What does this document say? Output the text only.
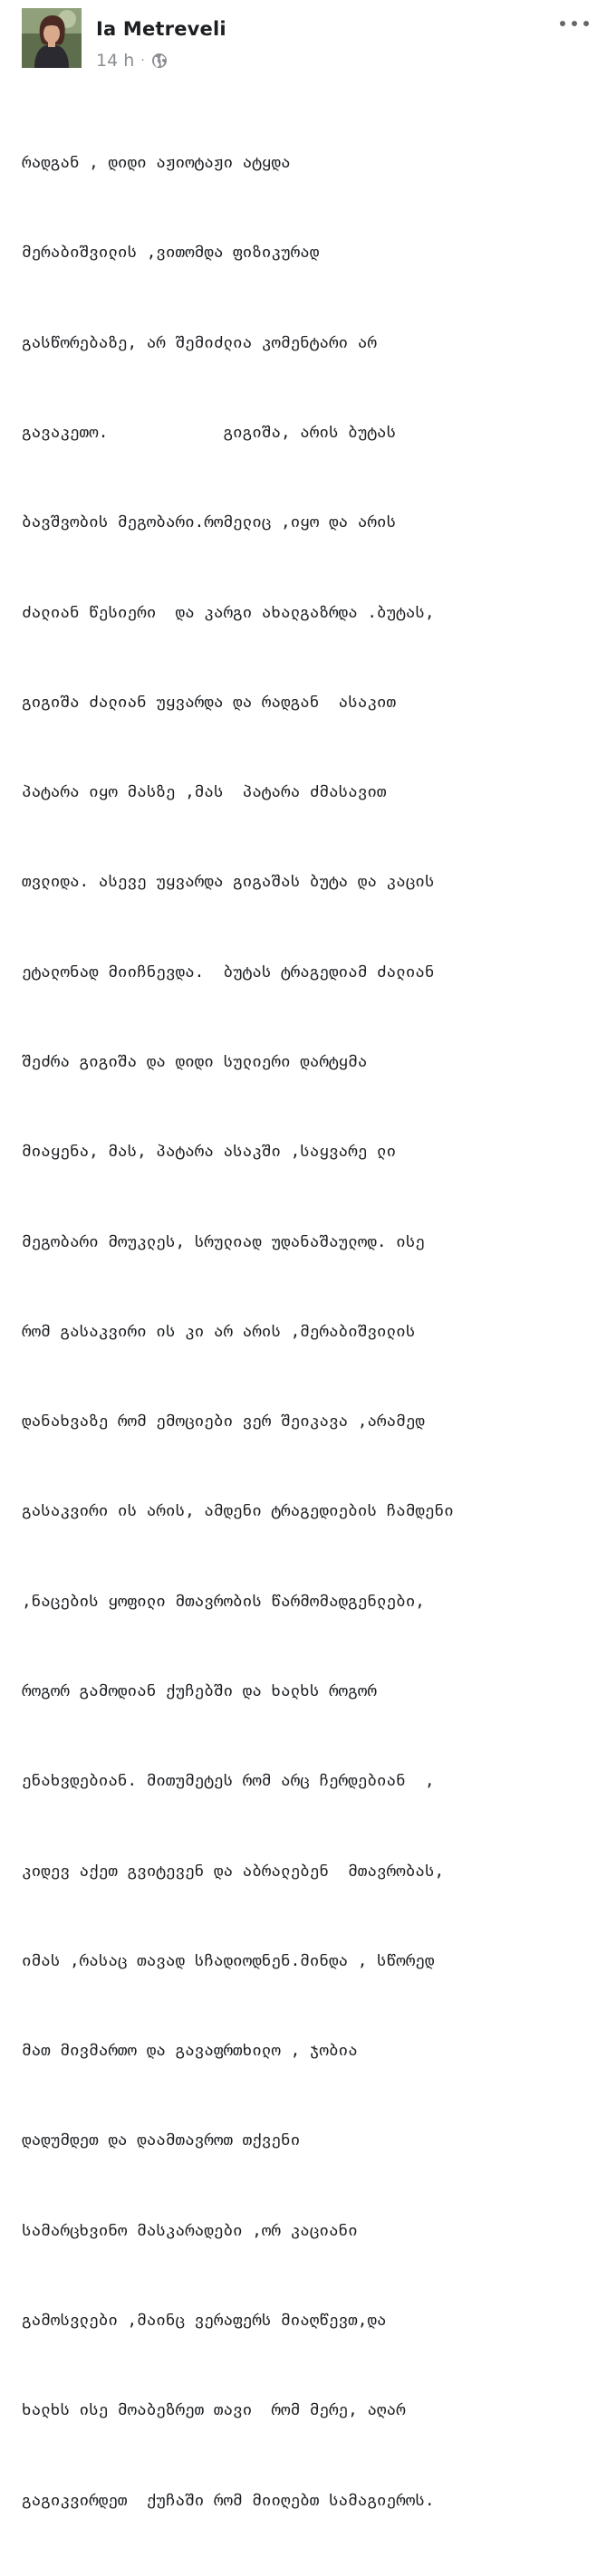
Ia Metreveli
14 h ·

რადგან , დიდი აჟიოტაჟი ატყდა

მერაბიშვილის ,ვითომდა ფიზიკურად

გასწორებაზე, არ შემიძლია კომენტარი არ

გავაკეთო.            გიგიშა, არის ბუტას

ბავშვობის მეგობარი.რომელიც ,იყო და არის

ძალიან წესიერი  და კარგი ახალგაზრდა .ბუტას,

გიგიშა ძალიან უყვარდა და რადგან  ასაკით

პატარა იყო მასზე ,მას  პატარა ძმასავით

თვლიდა. ასევე უყვარდა გიგაშას ბუტა და კაცის

ეტალონად მიიჩნევდა.  ბუტას ტრაგედიამ ძალიან

შეძრა გიგიშა და დიდი სულიერი დარტყმა

მიაყენა, მას, პატარა ასაკში ,საყვარე ლი

მეგობარი მოუკლეს, სრულიად უდანაშაულოდ. ისე

რომ გასაკვირი ის კი არ არის ,მერაბიშვილის

დანახვაზე რომ ემოციები ვერ შეიკავა ,არამედ

გასაკვირი ის არის, ამდენი ტრაგედიების ჩამდენი

,ნაცების ყოფილი მთავრობის წარმომადგენლები,

როგორ გამოდიან ქუჩებში და ხალხს როგორ

ენახვდებიან. მითუმეტეს რომ არც ჩერდებიან  ,

კიდევ აქეთ გვიტევენ და აბრალებენ  მთავრობას,

იმას ,რასაც თავად სჩადიოდნენ.მინდა , სწორედ

მათ მივმართო და გავაფრთხილო , ჯობია

დადუმდეთ და დაამთავროთ თქვენი

სამარცხვინო მასკარადები ,ორ კაციანი

გამოსვლები ,მაინც ვერაფერს მიაღწევთ,და

ხალხს ისე მოაბეზრეთ თავი  რომ მერე, აღარ

გაგიკვირდეთ  ქუჩაში რომ მიიღებთ სამაგიეროს.
